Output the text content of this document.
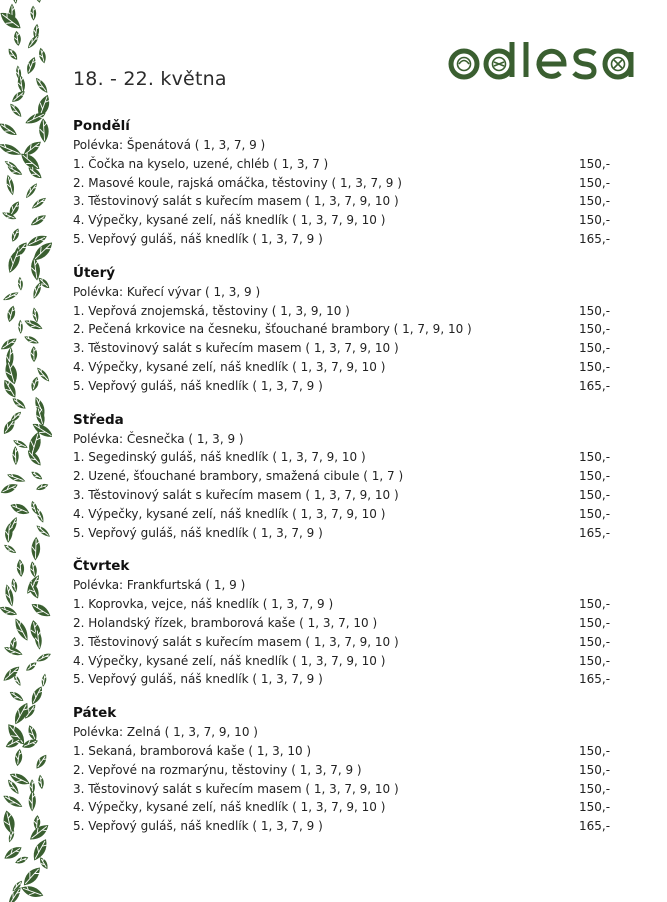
18. - 22. května
Pondělí
Polévka: Špenátová ( 1, 3, 7, 9 )
1. Čočka na kyselo, uzené, chléb ( 1, 3, 7 )	150,-
2. Masové koule, rajská omáčka, těstoviny ( 1, 3, 7, 9 )	150,-
3. Těstovinový salát s kuřecím masem ( 1, 3, 7, 9, 10 )	150,-
4. Výpečky, kysané zelí, náš knedlík ( 1, 3, 7, 9, 10 )	150,-
5. Vepřový guláš, náš knedlík ( 1, 3, 7, 9 )	165,-
Úterý
Polévka: Kuřecí vývar ( 1, 3, 9 )
1. Vepřová znojemská, těstoviny ( 1, 3, 9, 10 )	150,-
2. Pečená krkovice na česneku, šťouchané brambory ( 1, 7, 9, 10 )	150,-
3. Těstovinový salát s kuřecím masem ( 1, 3, 7, 9, 10 )	150,-
4. Výpečky, kysané zelí, náš knedlík ( 1, 3, 7, 9, 10 )	150,-
5. Vepřový guláš, náš knedlík ( 1, 3, 7, 9 )	165,-
Středa
Polévka: Česnečka ( 1, 3, 9 )
1. Segedinský guláš, náš knedlík ( 1, 3, 7, 9, 10 )	150,-
2. Uzené, šťouchané brambory, smažená cibule ( 1, 7 )	150,-
3. Těstovinový salát s kuřecím masem ( 1, 3, 7, 9, 10 )	150,-
4. Výpečky, kysané zelí, náš knedlík ( 1, 3, 7, 9, 10 )	150,-
5. Vepřový guláš, náš knedlík ( 1, 3, 7, 9 )	165,-
Čtvrtek
Polévka: Frankfurtská ( 1, 9 )
1. Koprovka, vejce, náš knedlík ( 1, 3, 7, 9 )	150,-
2. Holandský řízek, bramborová kaše ( 1, 3, 7, 10 )	150,-
3. Těstovinový salát s kuřecím masem ( 1, 3, 7, 9, 10 )	150,-
4. Výpečky, kysané zelí, náš knedlík ( 1, 3, 7, 9, 10 )	150,-
5. Vepřový guláš, náš knedlík ( 1, 3, 7, 9 )	165,-
Pátek
Polévka: Zelná ( 1, 3, 7, 9, 10 )
1. Sekaná, bramborová kaše ( 1, 3, 10 )	150,-
2. Vepřové na rozmarýnu, těstoviny ( 1, 3, 7, 9 )	150,-
3. Těstovinový salát s kuřecím masem ( 1, 3, 7, 9, 10 )	150,-
4. Výpečky, kysané zelí, náš knedlík ( 1, 3, 7, 9, 10 )	150,-
5. Vepřový guláš, náš knedlík ( 1, 3, 7, 9 )	165,-
